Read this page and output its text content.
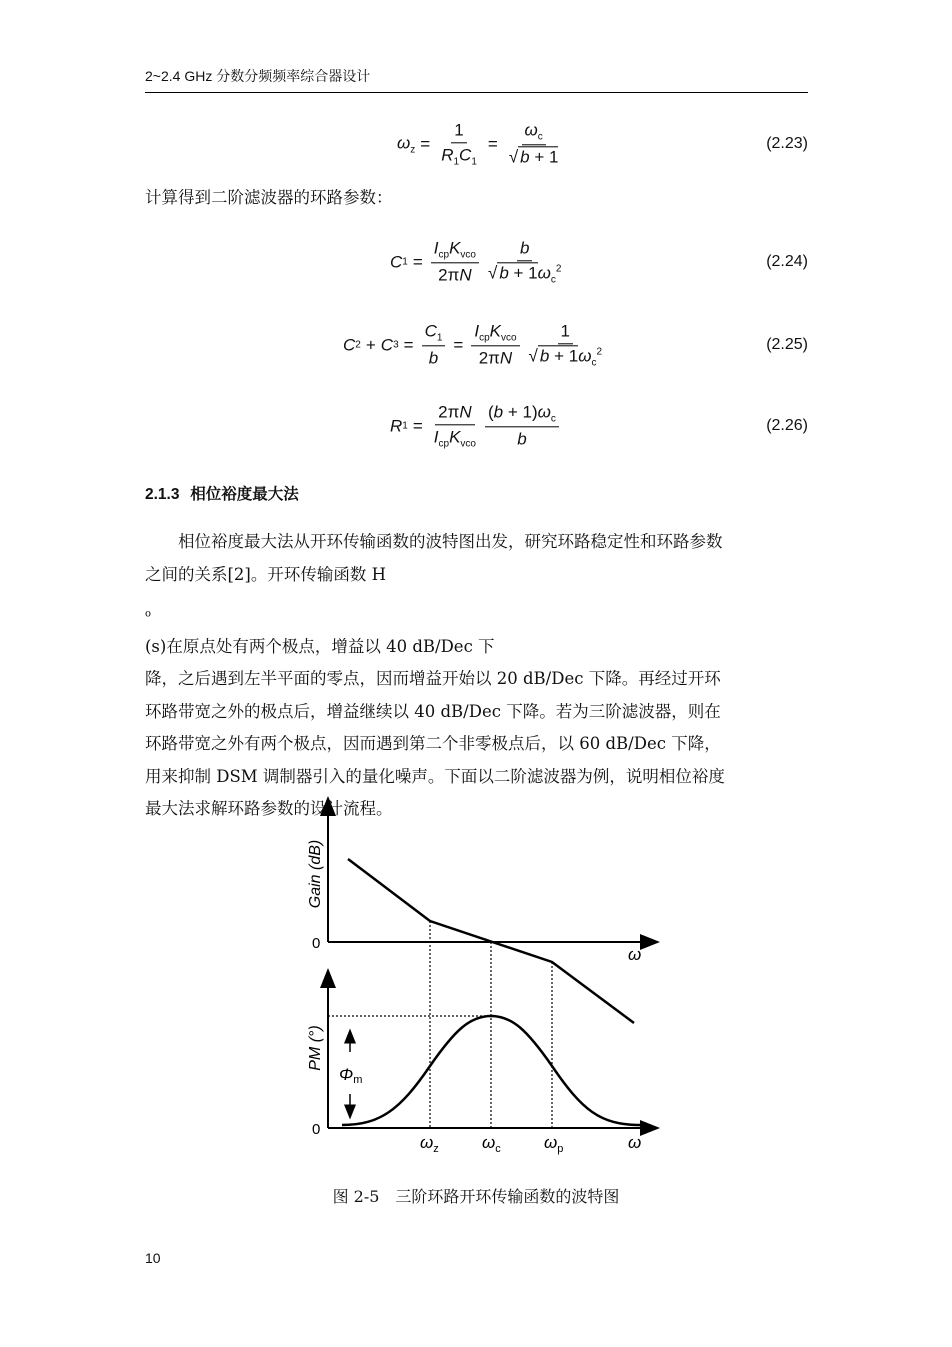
2~2.4 GHz 分数分频频率综合器设计
$\omega_z = \frac{1}{R_1C_1} = \frac{\omega_c}{√ b + 1}$	(2.23)
计算得到二阶滤波器的环路参数：
C $1 = \frac{I_{cp}K_{vco}}{2\pi N} \frac{b}{√ b + 1\omega_c^2}$	(2.24)
C 2 + C $3 = \frac{C_1}{b} = \frac{I_{cp}K_{vco}}{2\pi N} \frac{1}{√ b + 1\omega_c^2}$	(2.25)
R $1 = \frac{2\pi N}{I_{cp}K_{vco}} \frac{(b + 1)\omega_c}{b}$	(2.26)
2.1.3 相位裕度最大法
相位裕度最大法从开环传输函数的波特图出发，研究环路稳定性和环路参数
之间的关系[2]。开环传输函数 H
$_o$
(s)在原点处有两个极点，增益以 40 dB/Dec 下
降，之后遇到左半平面的零点，因而增益开始以 20 dB/Dec 下降。再经过开环
环路带宽之外的极点后，增益继续以 40 dB/Dec 下降。若为三阶滤波器，则在
环路带宽之外有两个极点，因而遇到第二个非零极点后，以 60 dB/Dec 下降，
用来抑制 DSM 调制器引入的量化噪声。下面以二阶滤波器为例，说明相位裕度
最大法求解环路参数的设计流程。
Gain (dB)
PM (°)
0
0
ω
ω
Φm
$\omega_z$	$\omega_c$	$\omega_p$
图 2-5　三阶环路开环传输函数的波特图
10
